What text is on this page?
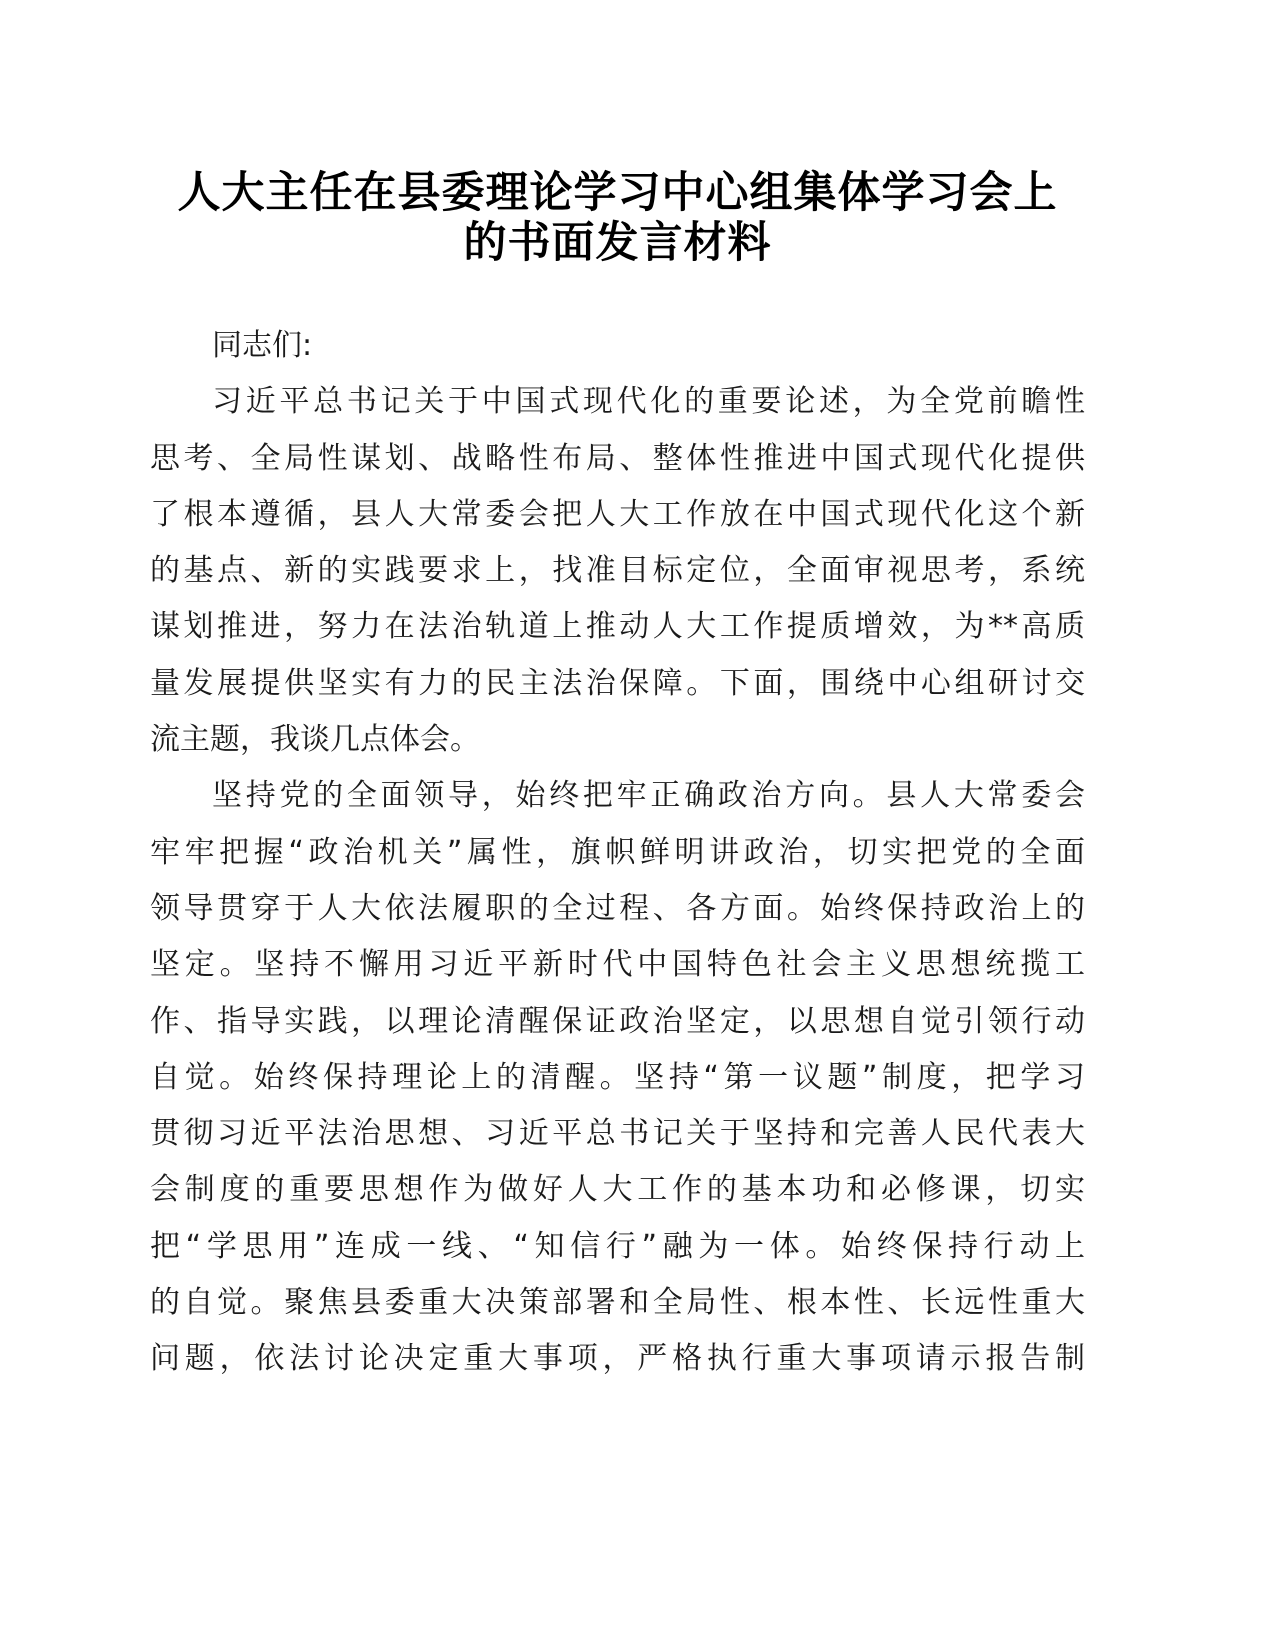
人大主任在县委理论学习中心组集体学习会上
的书面发言材料
同志们:
习近平总书记关于中国式现代化的重要论述，为全党前瞻性
思考、全局性谋划、战略性布局、整体性推进中国式现代化提供
了根本遵循，县人大常委会把人大工作放在中国式现代化这个新
的基点、新的实践要求上，找准目标定位，全面审视思考，系统
谋划推进，努力在法治轨道上推动人大工作提质增效，为**高质
量发展提供坚实有力的民主法治保障。下面，围绕中心组研讨交
流主题，我谈几点体会。
坚持党的全面领导，始终把牢正确政治方向。县人大常委会
牢牢把握“政治机关”属性，旗帜鲜明讲政治，切实把党的全面
领导贯穿于人大依法履职的全过程、各方面。始终保持政治上的
坚定。坚持不懈用习近平新时代中国特色社会主义思想统揽工
作、指导实践，以理论清醒保证政治坚定，以思想自觉引领行动
自觉。始终保持理论上的清醒。坚持“第一议题”制度，把学习
贯彻习近平法治思想、习近平总书记关于坚持和完善人民代表大
会制度的重要思想作为做好人大工作的基本功和必修课，切实
把“学思用”连成一线、“知信行”融为一体。始终保持行动上
的自觉。聚焦县委重大决策部署和全局性、根本性、长远性重大
问题，依法讨论决定重大事项，严格执行重大事项请示报告制
